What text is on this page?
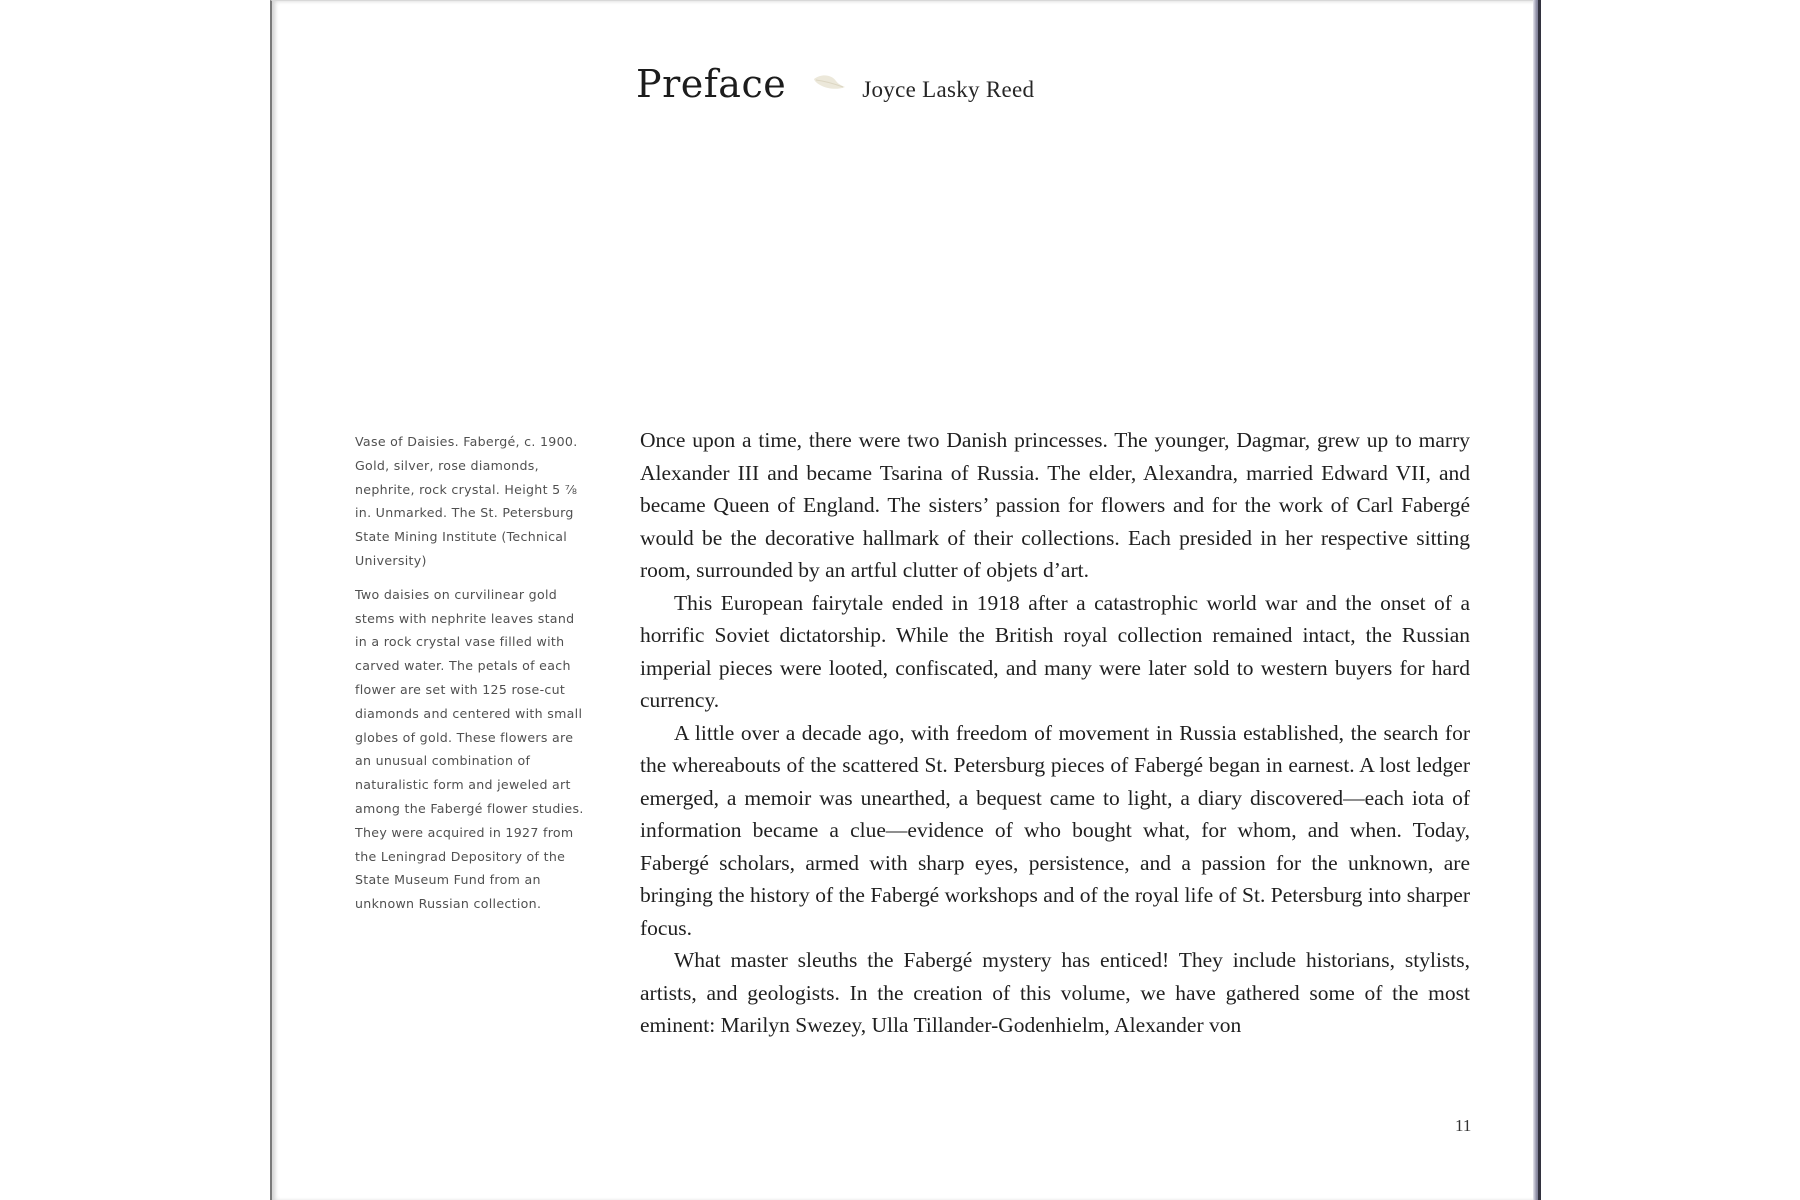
Preface	Joyce Lasky Reed

Vase of Daisies. Fabergé, c. 1900. Gold, silver, rose diamonds, nephrite, rock crystal. Height 5 ⅞ in. Unmarked. The St. Petersburg State Mining Institute (Technical University)

Two daisies on curvilinear gold stems with nephrite leaves stand in a rock crystal vase filled with carved water. The petals of each flower are set with 125 rose-cut diamonds and centered with small globes of gold. These flowers are an unusual combination of naturalistic form and jeweled art among the Fabergé flower studies. They were acquired in 1927 from the Leningrad Depository of the State Museum Fund from an unknown Russian collection.

Once upon a time, there were two Danish princesses. The younger, Dagmar, grew up to marry Alexander III and became Tsarina of Russia. The elder, Alexandra, married Edward VII, and became Queen of England. The sisters’ passion for flowers and for the work of Carl Fabergé would be the decorative hallmark of their collections. Each presided in her respective sitting room, surrounded by an artful clutter of objets d’art.

This European fairytale ended in 1918 after a catastrophic world war and the onset of a horrific Soviet dictatorship. While the British royal collection remained intact, the Russian imperial pieces were looted, confiscated, and many were later sold to western buyers for hard currency.

A little over a decade ago, with freedom of movement in Russia established, the search for the whereabouts of the scattered St. Petersburg pieces of Fabergé began in earnest. A lost ledger emerged, a memoir was unearthed, a bequest came to light, a diary discovered—each iota of information became a clue—evidence of who bought what, for whom, and when. Today, Fabergé scholars, armed with sharp eyes, persistence, and a passion for the unknown, are bringing the history of the Fabergé workshops and of the royal life of St. Petersburg into sharper focus.

What master sleuths the Fabergé mystery has enticed! They include historians, stylists, artists, and geologists. In the creation of this volume, we have gathered some of the most eminent: Marilyn Swezey, Ulla Tillander-Godenhielm, Alexander von

11
